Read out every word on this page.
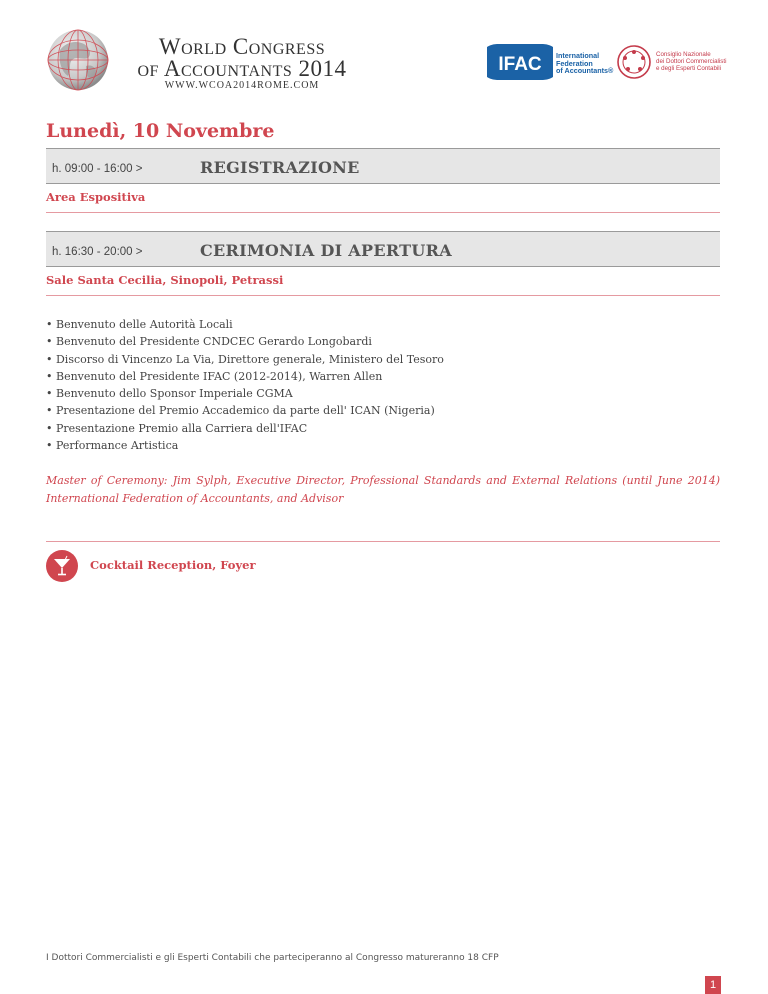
World Congress
of Accountants 2014
WWW.WCOA2014ROME.COM
IFAC International
Federation
of Accountants®
Consiglio Nazionale
dei Dottori Commercialisti
e degli Esperti Contabili
Lunedì, 10 Novembre
h. 09:00 - 16:00 >	REGISTRAZIONE
Area Espositiva
h. 16:30 - 20:00 >	CERIMONIA DI APERTURA
Sale Santa Cecilia, Sinopoli, Petrassi
• Benvenuto delle Autorità Locali
• Benvenuto del Presidente CNDCEC Gerardo Longobardi
• Discorso di Vincenzo La Via, Direttore generale, Ministero del Tesoro
• Benvenuto del Presidente IFAC (2012-2014), Warren Allen
• Benvenuto dello Sponsor Imperiale CGMA
• Presentazione del Premio Accademico da parte dell' ICAN (Nigeria)
• Presentazione Premio alla Carriera dell'IFAC
• Performance Artistica
Master of Ceremony: Jim Sylph, Executive Director, Professional Standards and External Relations (until June 2014) International Federation of Accountants, and Advisor
Cocktail Reception, Foyer
I Dottori Commercialisti e gli Esperti Contabili che parteciperanno al Congresso matureranno 18 CFP
1
